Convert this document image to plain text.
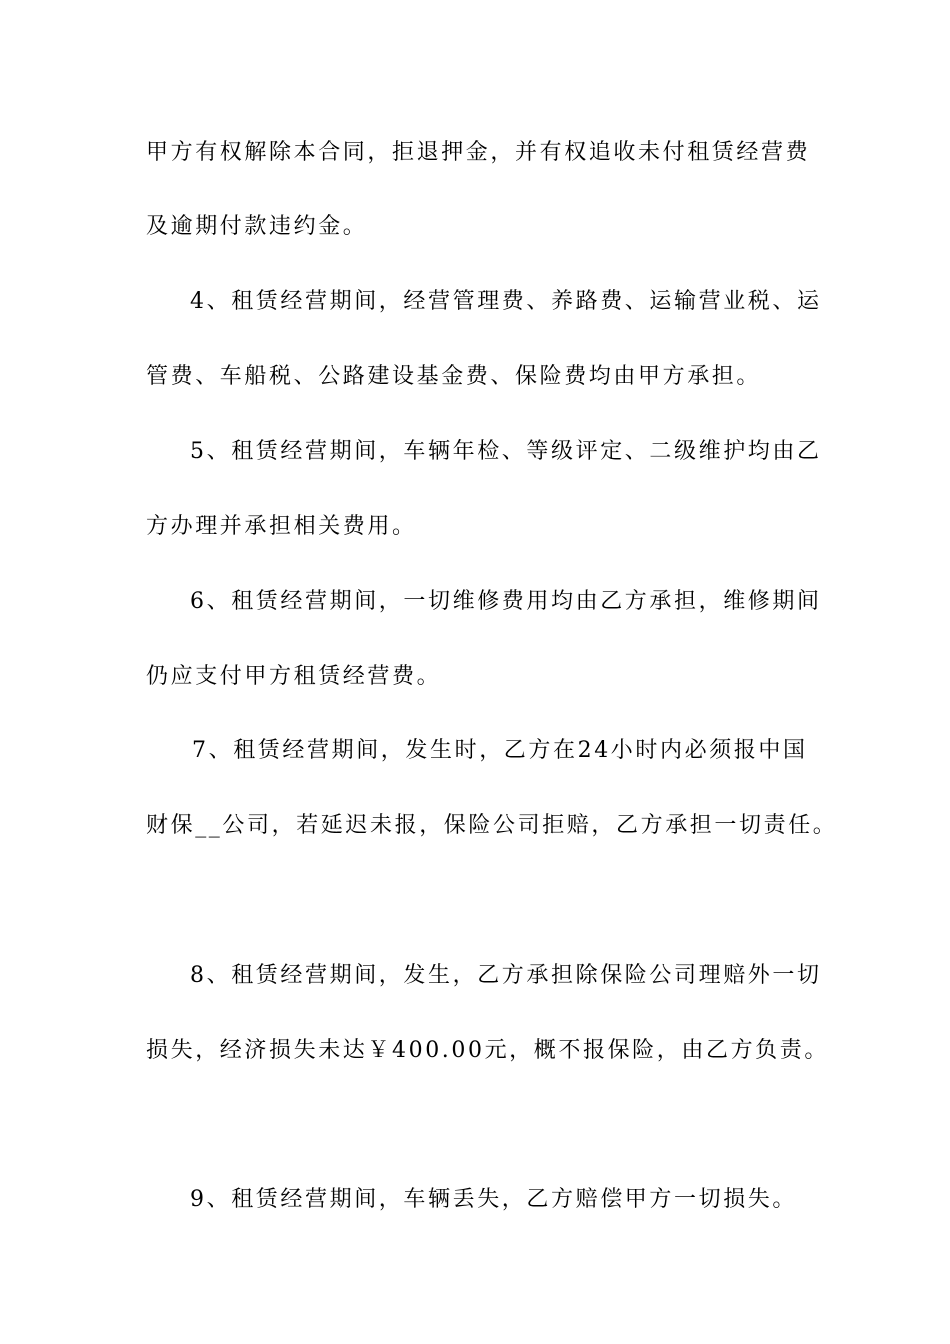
甲方有权解除本合同，拒退押金，并有权追收未付租赁经营费
及逾期付款违约金。
4、租赁经营期间，经营管理费、养路费、运输营业税、运
管费、车船税、公路建设基金费、保险费均由甲方承担。
5、租赁经营期间，车辆年检、等级评定、二级维护均由乙
方办理并承担相关费用。
6、租赁经营期间，一切维修费用均由乙方承担，维修期间
仍应支付甲方租赁经营费。
7、租赁经营期间，发生时，乙方在24小时内必须报中国
财保__公司，若延迟未报，保险公司拒赔，乙方承担一切责任。
8、租赁经营期间，发生，乙方承担除保险公司理赔外一切
损失，经济损失未达￥400.00元，概不报保险，由乙方负责。
9、租赁经营期间，车辆丢失，乙方赔偿甲方一切损失。
